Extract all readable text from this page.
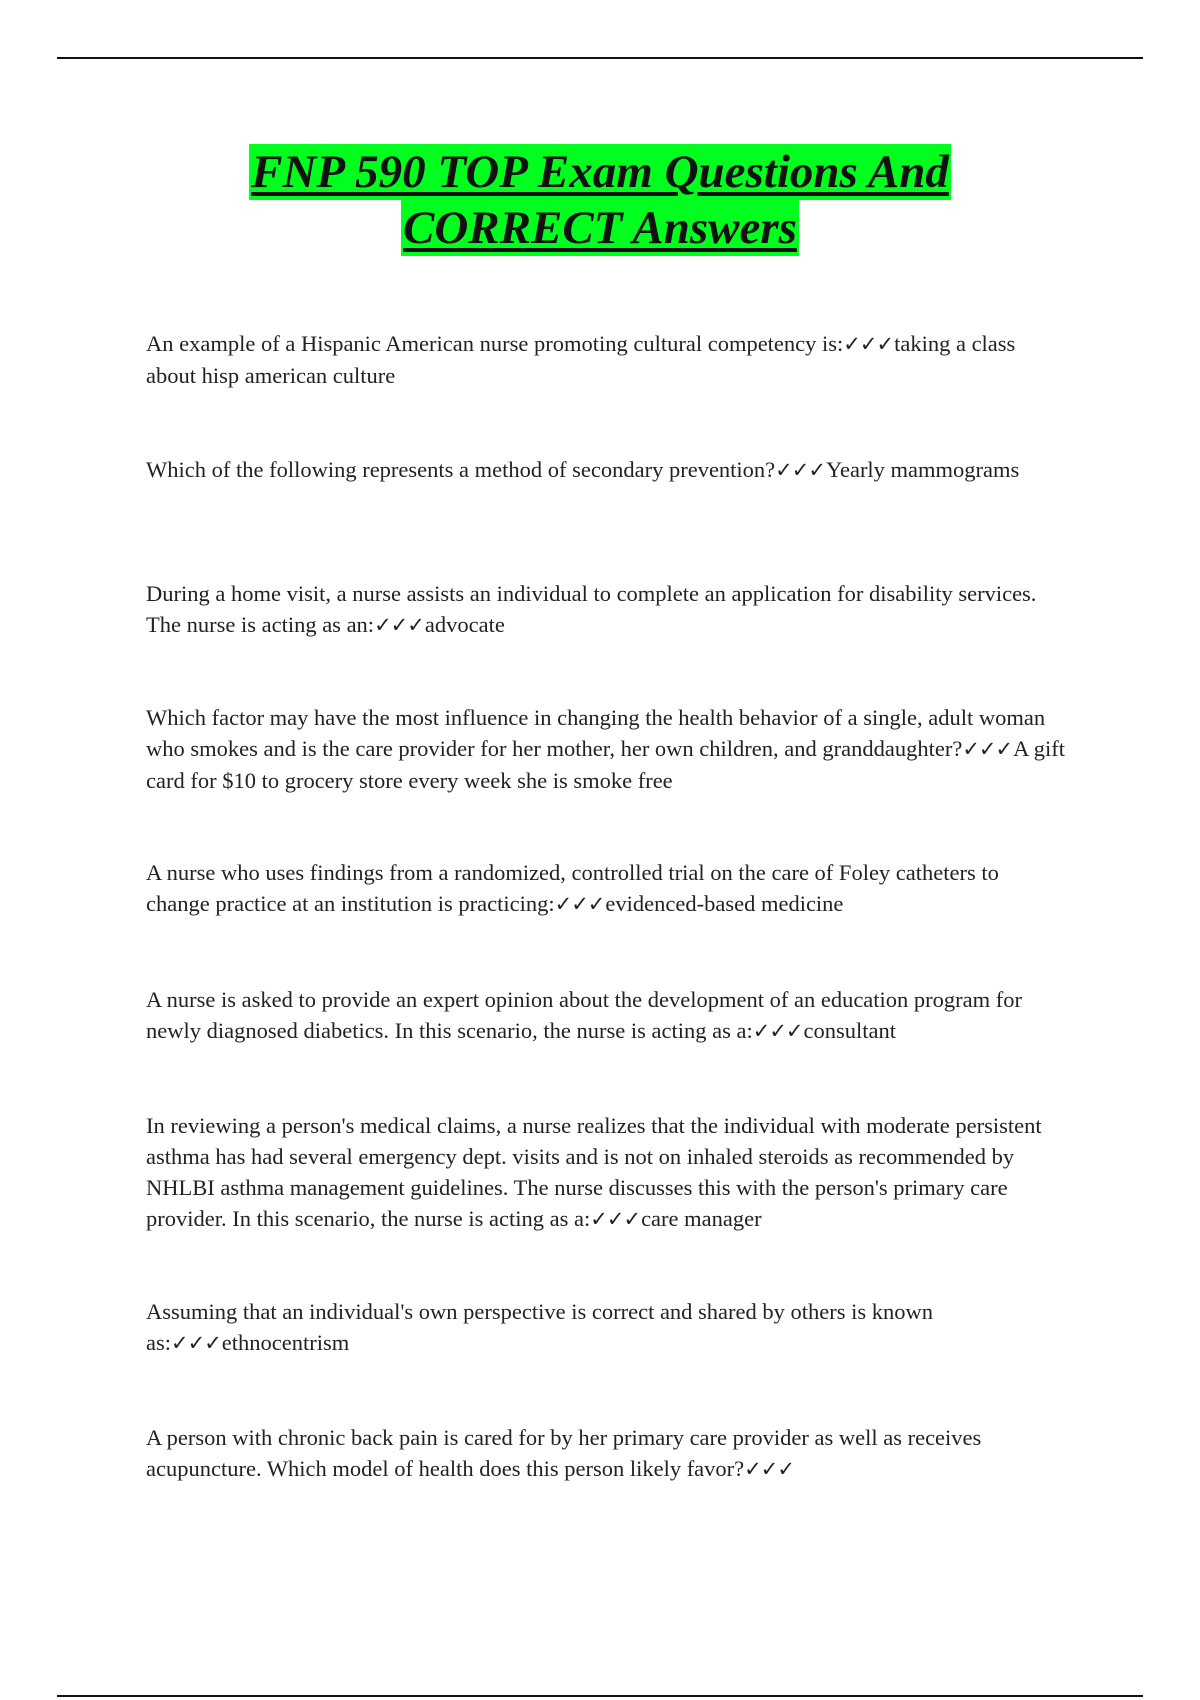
FNP 590 TOP Exam Questions And
CORRECT Answers

An example of a Hispanic American nurse promoting cultural competency is:✓✓✓taking a class about hisp american culture

Which of the following represents a method of secondary prevention?✓✓✓Yearly mammograms

During a home visit, a nurse assists an individual to complete an application for disability services. The nurse is acting as an:✓✓✓advocate

Which factor may have the most influence in changing the health behavior of a single, adult woman who smokes and is the care provider for her mother, her own children, and granddaughter?✓✓✓A gift card for $10 to grocery store every week she is smoke free

A nurse who uses findings from a randomized, controlled trial on the care of Foley catheters to change practice at an institution is practicing:✓✓✓evidenced-based medicine

A nurse is asked to provide an expert opinion about the development of an education program for newly diagnosed diabetics. In this scenario, the nurse is acting as a:✓✓✓consultant

In reviewing a person's medical claims, a nurse realizes that the individual with moderate persistent asthma has had several emergency dept. visits and is not on inhaled steroids as recommended by NHLBI asthma management guidelines. The nurse discusses this with the person's primary care provider. In this scenario, the nurse is acting as a:✓✓✓care manager

Assuming that an individual's own perspective is correct and shared by others is known as:✓✓✓ethnocentrism

A person with chronic back pain is cared for by her primary care provider as well as receives acupuncture. Which model of health does this person likely favor?✓✓✓
